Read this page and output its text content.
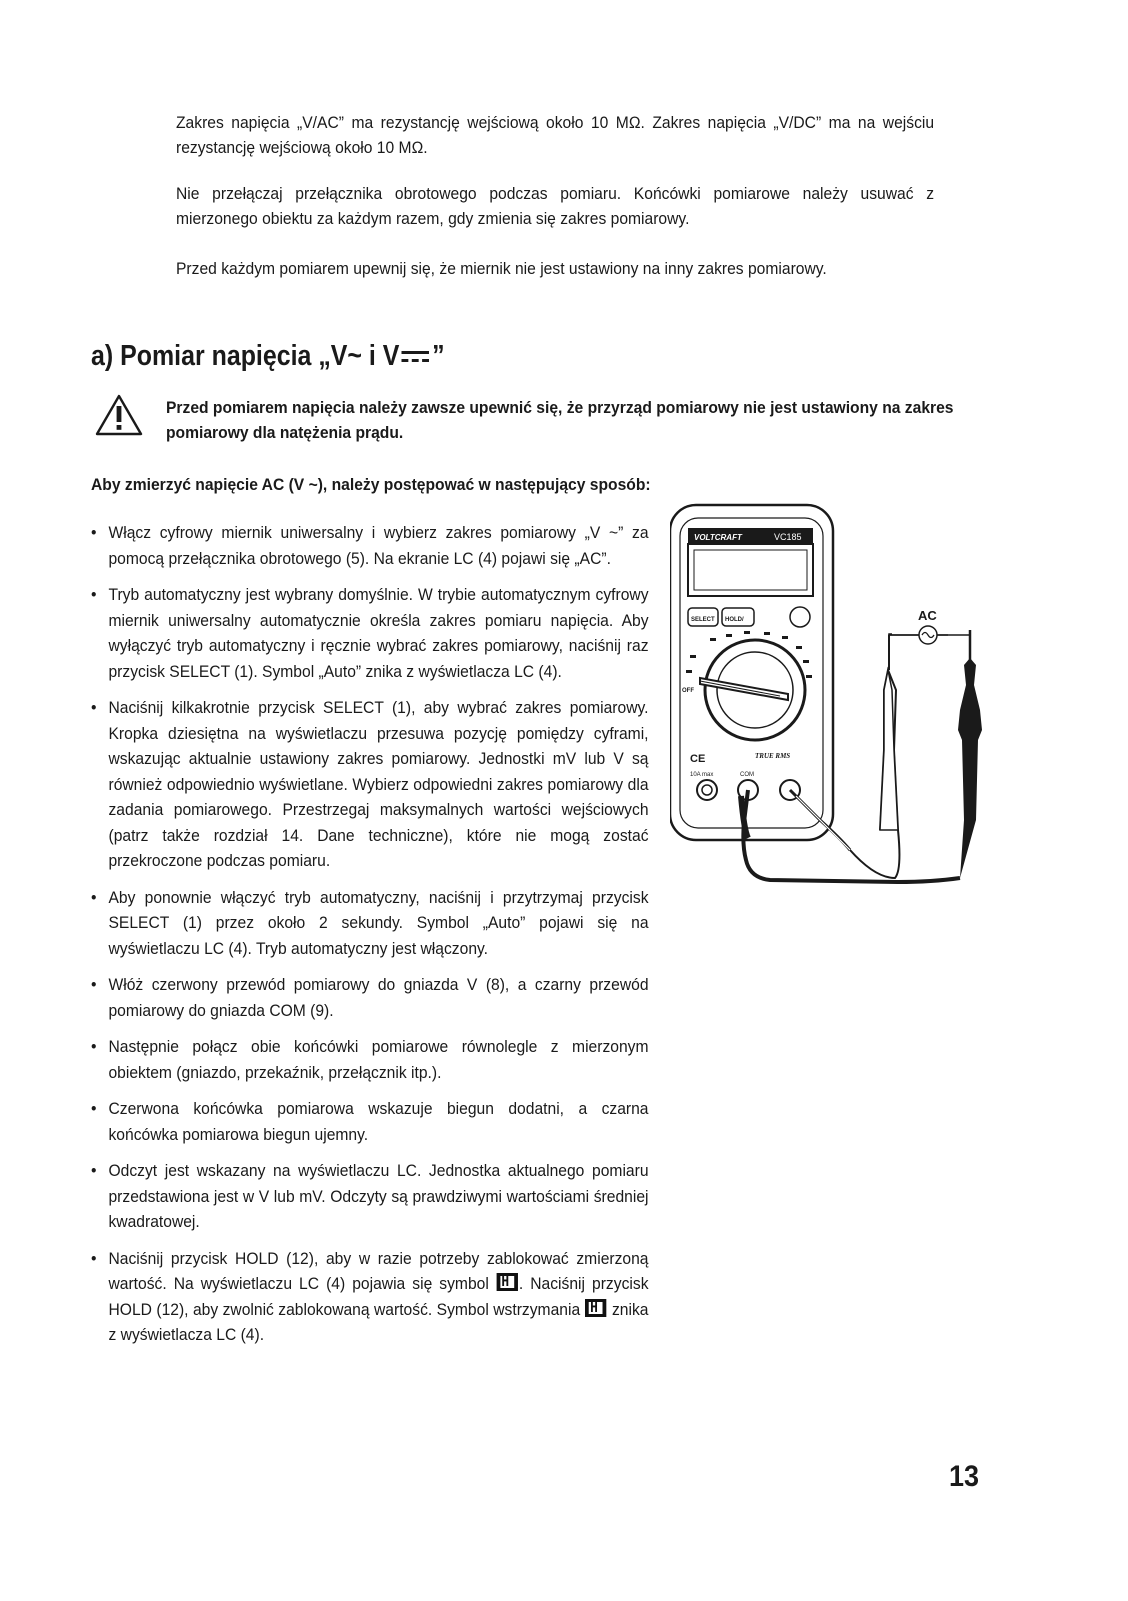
Zakres napięcia „V/AC” ma rezystancję wejściową około 10 MΩ. Zakres napięcia „V/DC” ma na wejściu rezystancję wejściową około 10 MΩ.
Nie przełączaj przełącznika obrotowego podczas pomiaru. Końcówki pomiarowe należy usuwać z mierzonego obiektu za każdym razem, gdy zmienia się zakres pomiarowy.
Przed każdym pomiarem upewnij się, że miernik nie jest ustawiony na inny zakres pomiarowy.
a) Pomiar napięcia „V~ i V ”
Przed pomiarem napięcia należy zawsze upewnić się, że przyrząd pomiarowy nie jest ustawiony na zakres pomiarowy dla natężenia prądu.
Aby zmierzyć napięcie AC (V ~), należy postępować w następujący sposób:
• Włącz cyfrowy miernik uniwersalny i wybierz zakres pomiarowy „V ~” za pomocą przełącznika obrotowego (5). Na ekranie LC (4) pojawi się „AC”.
• Tryb automatyczny jest wybrany domyślnie. W trybie automatycznym cyfrowy miernik uniwersalny automatycznie określa zakres pomiaru napięcia. Aby wyłączyć tryb automatyczny i ręcznie wybrać zakres pomiarowy, naciśnij raz przycisk SELECT (1). Symbol „Auto” znika z wyświetlacza LC (4).
• Naciśnij kilkakrotnie przycisk SELECT (1), aby wybrać zakres pomiarowy. Kropka dziesiętna na wyświetlaczu przesuwa pozycję pomiędzy cyframi, wskazując aktualnie ustawiony zakres pomiarowy. Jednostki mV lub V są również odpowiednio wyświetlane. Wybierz odpowiedni zakres pomiarowy dla zadania pomiarowego. Przestrzegaj maksymalnych wartości wejściowych (patrz także rozdział 14. Dane techniczne), które nie mogą zostać przekroczone podczas pomiaru.
• Aby ponownie włączyć tryb automatyczny, naciśnij i przytrzymaj przycisk SELECT (1) przez około 2 sekundy. Symbol „Auto” pojawi się na wyświetlaczu LC (4). Tryb automatyczny jest włączony.
• Włóż czerwony przewód pomiarowy do gniazda V (8), a czarny przewód pomiarowy do gniazda COM (9).
• Następnie połącz obie końcówki pomiarowe równolegle z mierzonym obiektem (gniazdo, przekaźnik, przełącznik itp.).
• Czerwona końcówka pomiarowa wskazuje biegun dodatni, a czarna końcówka pomiarowa biegun ujemny.
• Odczyt jest wskazany na wyświetlaczu LC. Jednostka aktualnego pomiaru przedstawiona jest w V lub mV. Odczyty są prawdziwymi wartościami średniej kwadratowej.
• Naciśnij przycisk HOLD (12), aby w razie potrzeby zablokować zmierzoną wartość. Na wyświetlaczu LC (4) pojawia się symbol H. Naciśnij przycisk HOLD (12), aby zwolnić zablokowaną wartość. Symbol wstrzymania H znika z wyświetlacza LC (4).
VOLTCRAFT	VC185
SELECT HOLD/
OFF
CE	TRUE RMS
10A max	COM
AC
13
